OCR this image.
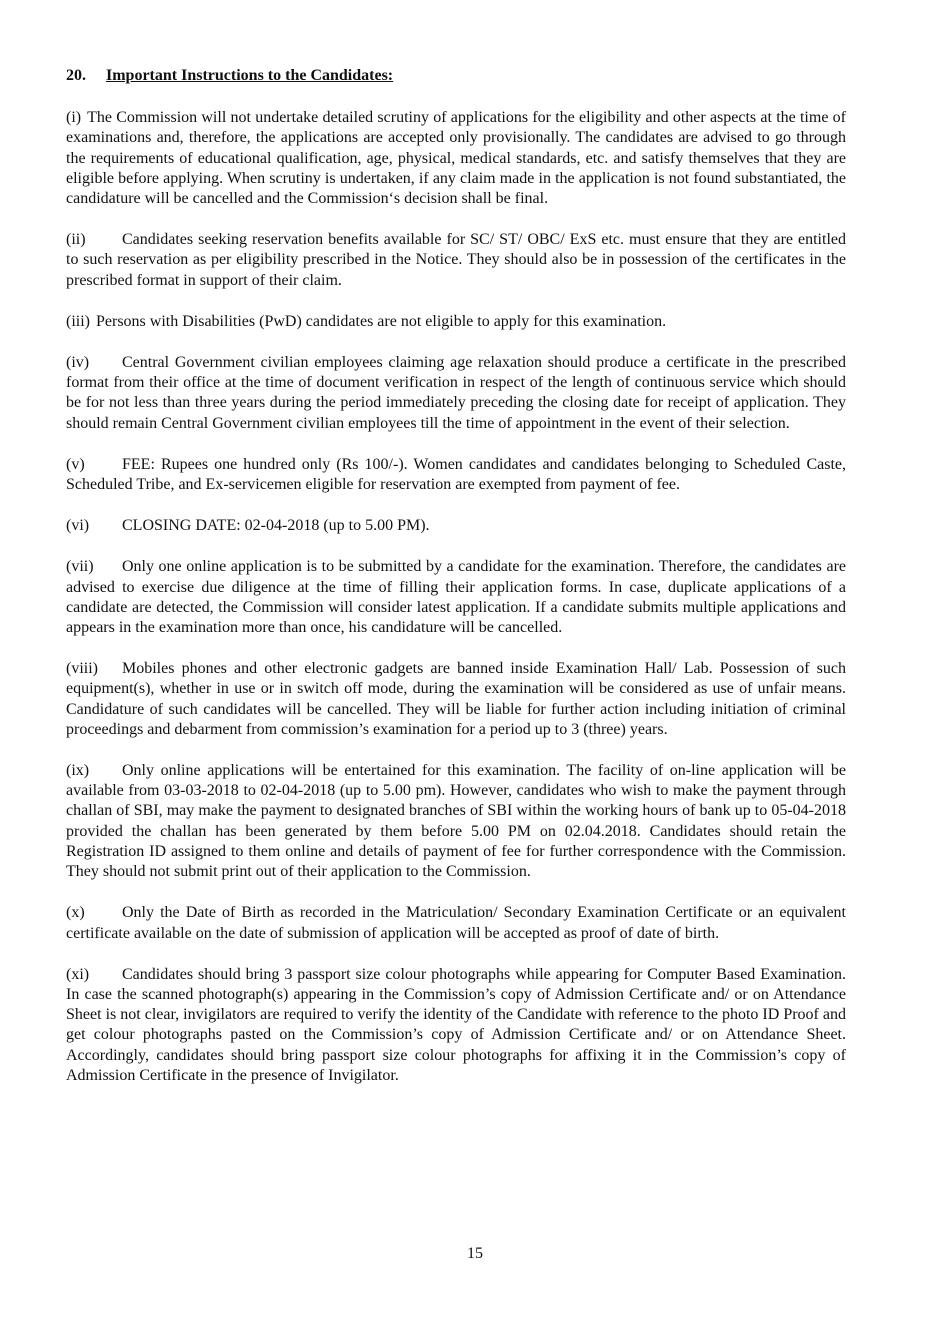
20. Important Instructions to the Candidates:
(i) The Commission will not undertake detailed scrutiny of applications for the eligibility and other aspects at the time of examinations and, therefore, the applications are accepted only provisionally. The candidates are advised to go through the requirements of educational qualification, age, physical, medical standards, etc. and satisfy themselves that they are eligible before applying. When scrutiny is undertaken, if any claim made in the application is not found substantiated, the candidature will be cancelled and the Commission‘s decision shall be final.
(ii) Candidates seeking reservation benefits available for SC/ ST/ OBC/ ExS etc. must ensure that they are entitled to such reservation as per eligibility prescribed in the Notice. They should also be in possession of the certificates in the prescribed format in support of their claim.
(iii) Persons with Disabilities (PwD) candidates are not eligible to apply for this examination.
(iv) Central Government civilian employees claiming age relaxation should produce a certificate in the prescribed format from their office at the time of document verification in respect of the length of continuous service which should be for not less than three years during the period immediately preceding the closing date for receipt of application. They should remain Central Government civilian employees till the time of appointment in the event of their selection.
(v) FEE: Rupees one hundred only (Rs 100/-). Women candidates and candidates belonging to Scheduled Caste, Scheduled Tribe, and Ex-servicemen eligible for reservation are exempted from payment of fee.
(vi) CLOSING DATE: 02-04-2018 (up to 5.00 PM).
(vii) Only one online application is to be submitted by a candidate for the examination. Therefore, the candidates are advised to exercise due diligence at the time of filling their application forms. In case, duplicate applications of a candidate are detected, the Commission will consider latest application. If a candidate submits multiple applications and appears in the examination more than once, his candidature will be cancelled.
(viii) Mobiles phones and other electronic gadgets are banned inside Examination Hall/ Lab. Possession of such equipment(s), whether in use or in switch off mode, during the examination will be considered as use of unfair means. Candidature of such candidates will be cancelled. They will be liable for further action including initiation of criminal proceedings and debarment from commission’s examination for a period up to 3 (three) years.
(ix) Only online applications will be entertained for this examination. The facility of on-line application will be available from 03-03-2018 to 02-04-2018 (up to 5.00 pm). However, candidates who wish to make the payment through challan of SBI, may make the payment to designated branches of SBI within the working hours of bank up to 05-04-2018 provided the challan has been generated by them before 5.00 PM on 02.04.2018. Candidates should retain the Registration ID assigned to them online and details of payment of fee for further correspondence with the Commission. They should not submit print out of their application to the Commission.
(x) Only the Date of Birth as recorded in the Matriculation/ Secondary Examination Certificate or an equivalent certificate available on the date of submission of application will be accepted as proof of date of birth.
(xi) Candidates should bring 3 passport size colour photographs while appearing for Computer Based Examination. In case the scanned photograph(s) appearing in the Commission’s copy of Admission Certificate and/ or on Attendance Sheet is not clear, invigilators are required to verify the identity of the Candidate with reference to the photo ID Proof and get colour photographs pasted on the Commission’s copy of Admission Certificate and/ or on Attendance Sheet. Accordingly, candidates should bring passport size colour photographs for affixing it in the Commission’s copy of Admission Certificate in the presence of Invigilator.
15
